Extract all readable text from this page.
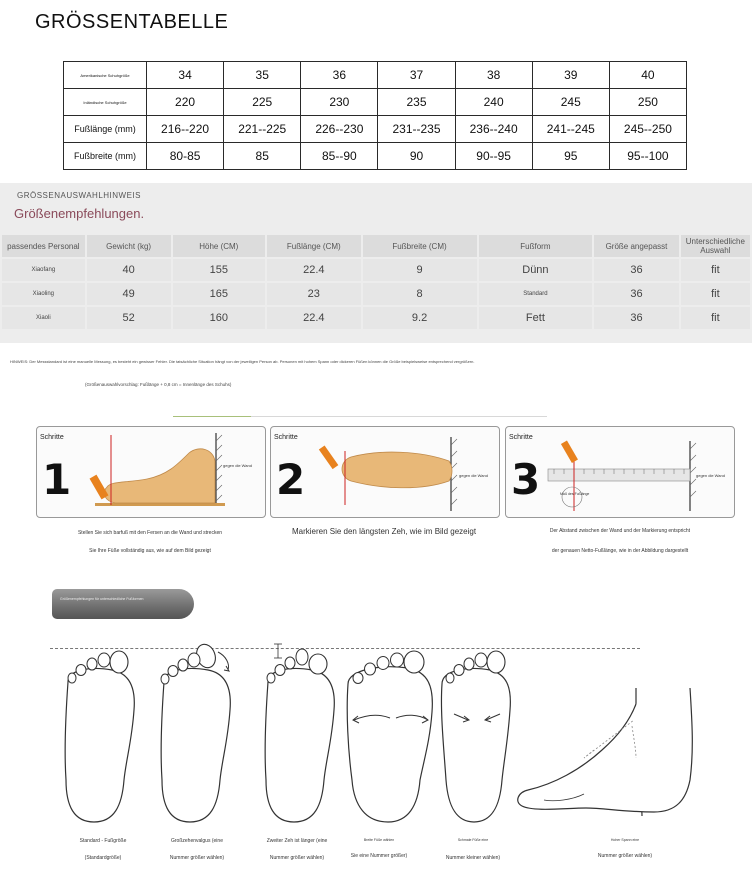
GRÖSSENTABELLE
Amerikanische Schuhgröße	34	35	36	37	38	39	40
Inländische Schuhgröße	220	225	230	235	240	245	250
Fußlänge (mm)	216--220	221--225	226--230	231--235	236--240	241--245	245--250
Fußbreite (mm)	80-85	85	85--90	90	90--95	95	95--100
GRÖSSENAUSWAHLHINWEIS
Größenempfehlungen.
passendes Personal	Gewicht (kg)	Höhe (CM)	Fußlänge (CM)	Fußbreite (CM)	Fußform	Größe angepasst	Unterschiedliche Auswahl
Xiaofang	40	155	22.4	9	Dünn	36	fit
Xiaoling	49	165	23	8	Standard	36	fit
Xiaoli	52	160	22.4	9.2	Fett	36	fit
HINWEIS: Der Messstandard ist eine manuelle Messung, es besteht ein gewisser Fehler. Die tatsächliche Situation hängt von der jeweiligen Person ab. Personen mit hohem Spann oder dickeren Füßen können die Größe beispielsweise entsprechend vergrößern.
(Größenauswahlvorschlag: Fußlänge + 0,8 cm = Innenlänge des Schuhs)
Schritte
1	gegen die Wand
Stellen Sie sich barfuß mit den Fersen an die Wand und strecken
Sie Ihre Füße vollständig aus, wie auf dem Bild gezeigt
Schritte
2	gegen die Wand
Markieren Sie den längsten Zeh, wie im Bild gezeigt
Schritte
3	Maß des Fußlänge
gegen die Wand
Der Abstand zwischen der Wand und der Markierung entspricht
der genauen Netto-Fußlänge, wie in der Abbildung dargestellt
Größenempfehlungen für unterschiedliche Fußformen
Standard - Fußgröße
(Standardgröße)
Großzehenvalgus (eine
Nummer größer wählen)
Zweiter Zeh ist länger (eine
Nummer größer wählen)
Breite Füße wählen
Sie eine Nummer größer)
Schmale Füße eine
Nummer kleiner wählen)
Hoher Spann eine
Nummer größer wählen)
